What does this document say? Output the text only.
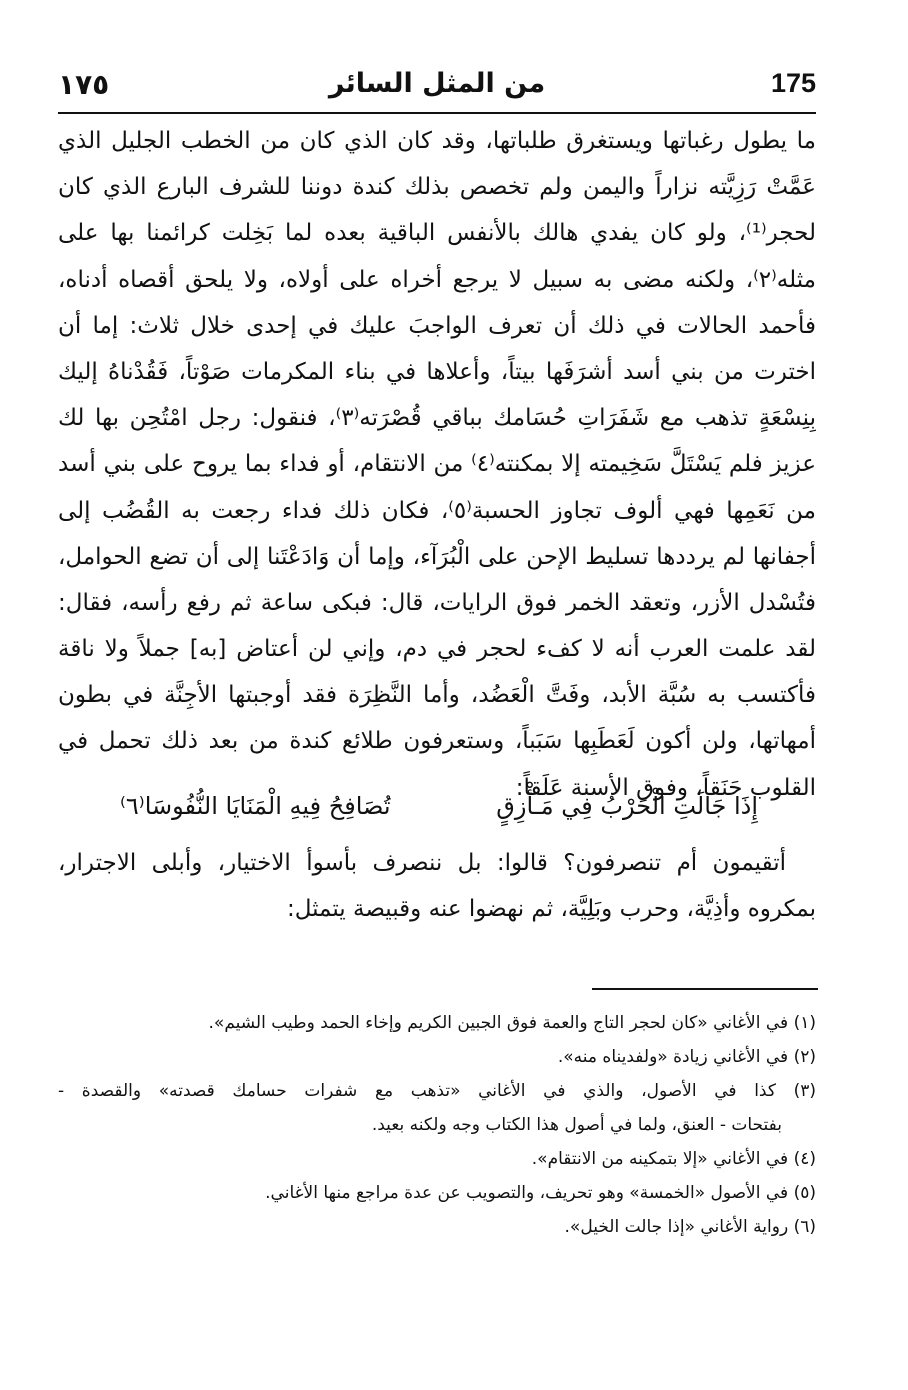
١٧٥	من المثل السائر	175
ما يطول رغباتها ويستغرق طلباتها، وقد كان الذي كان من الخطب الجليل الذي
عَمَّتْ رَزِيَّته نزاراً واليمن ولم تخصص بذلك كندة دوننا للشرف البارع الذي كان
لحجر⁽¹⁾، ولو كان يفدي هالك بالأنفس الباقية بعده لما بَخِلت كرائمنا بها على
مثله⁽٢⁾، ولكنه مضى به سبيل لا يرجع أخراه على أولاه، ولا يلحق أقصاه أدناه،
فأحمد الحالات في ذلك أن تعرف الواجبَ عليك في إحدى خلال ثلاث: إما أن
اخترت من بني أسد أشرَفَها بيتاً، وأعلاها في بناء المكرمات صَوْتاً، فَقُدْناهُ إليك
بِنِسْعَةٍ تذهب مع شَفَرَاتِ حُسَامك بباقي قُصْرَته⁽٣⁾، فنقول: رجل امْتُحِن بها لك
عزيز فلم يَسْتَلَّ سَخِيمته إلا بمكنته⁽٤⁾ من الانتقام، أو فداء بما يروح على بني أسد
من نَعَمِها فهي ألوف تجاوز الحسبة⁽٥⁾، فكان ذلك فداء رجعت به القُضُب إلى
أجفانها لم يرددها تسليط الإحن على الْبُرَآء، وإما أن وَادَعْتَنا إلى أن تضع الحوامل،
فتُسْدل الأزر، وتعقد الخمر فوق الرايات، قال: فبكى ساعة ثم رفع رأسه، فقال:
لقد علمت العرب أنه لا كفء لحجر في دم، وإني لن أعتاض [به] جملاً ولا ناقة
فأكتسب به سُبَّة الأبد، وفَتَّ الْعَضُد، وأما النَّظِرَة فقد أوجبتها الأجِنَّة في بطون
أمهاتها، ولن أكون لَعَطَبِها سَبَباً، وستعرفون طلائع كندة من بعد ذلك تحمل في
القلوب حَنَقاً، وفوق الأسنة عَلَقاً:
إِذَا جَالَتِ الْحَرْبُ فِي مَـأْزِقٍ
تُصَافِحُ فِيهِ الْمَنَايَا النُّفُوسَا⁽٦⁾
أتقيمون أم تنصرفون؟ قالوا: بل ننصرف بأسوأ الاختيار، وأبلى الاجترار،
بمكروه وأذِيَّة، وحرب وبَلِيَّة، ثم نهضوا عنه وقبيصة يتمثل:
(١) في الأغاني «كان لحجر التاج والعمة فوق الجبين الكريم وإخاء الحمد وطيب الشيم».
(٢) في الأغاني زيادة «ولفديناه منه».
(٣) كذا في الأصول، والذي في الأغاني «تذهب مع شفرات حسامك قصدته» والقصدة -
بفتحات - العنق، ولما في أصول هذا الكتاب وجه ولكنه بعيد.
(٤) في الأغاني «إلا بتمكينه من الانتقام».
(٥) في الأصول «الخمسة» وهو تحريف، والتصويب عن عدة مراجع منها الأغاني.
(٦) رواية الأغاني «إذا جالت الخيل».
